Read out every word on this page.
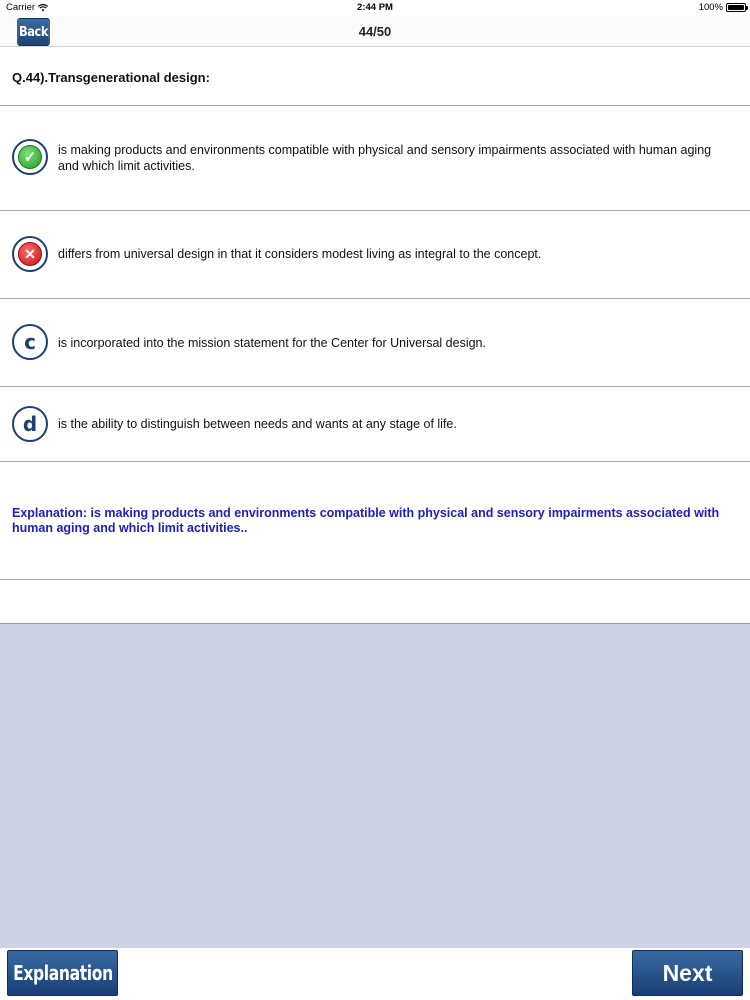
Carrier	2:44 PM	100%
Back	44/50
Q.44).Transgenerational design:
✓	is making products and environments compatible with physical and sensory impairments associated with human aging and which limit activities.
✕	differs from universal design in that it considers modest living as integral to the concept.
c is incorporated into the mission statement for the Center for Universal design.
d is the ability to distinguish between needs and wants at any stage of life.
Explanation: is making products and environments compatible with physical and sensory impairments associated with human aging and which limit activities..
Explanation	Next
